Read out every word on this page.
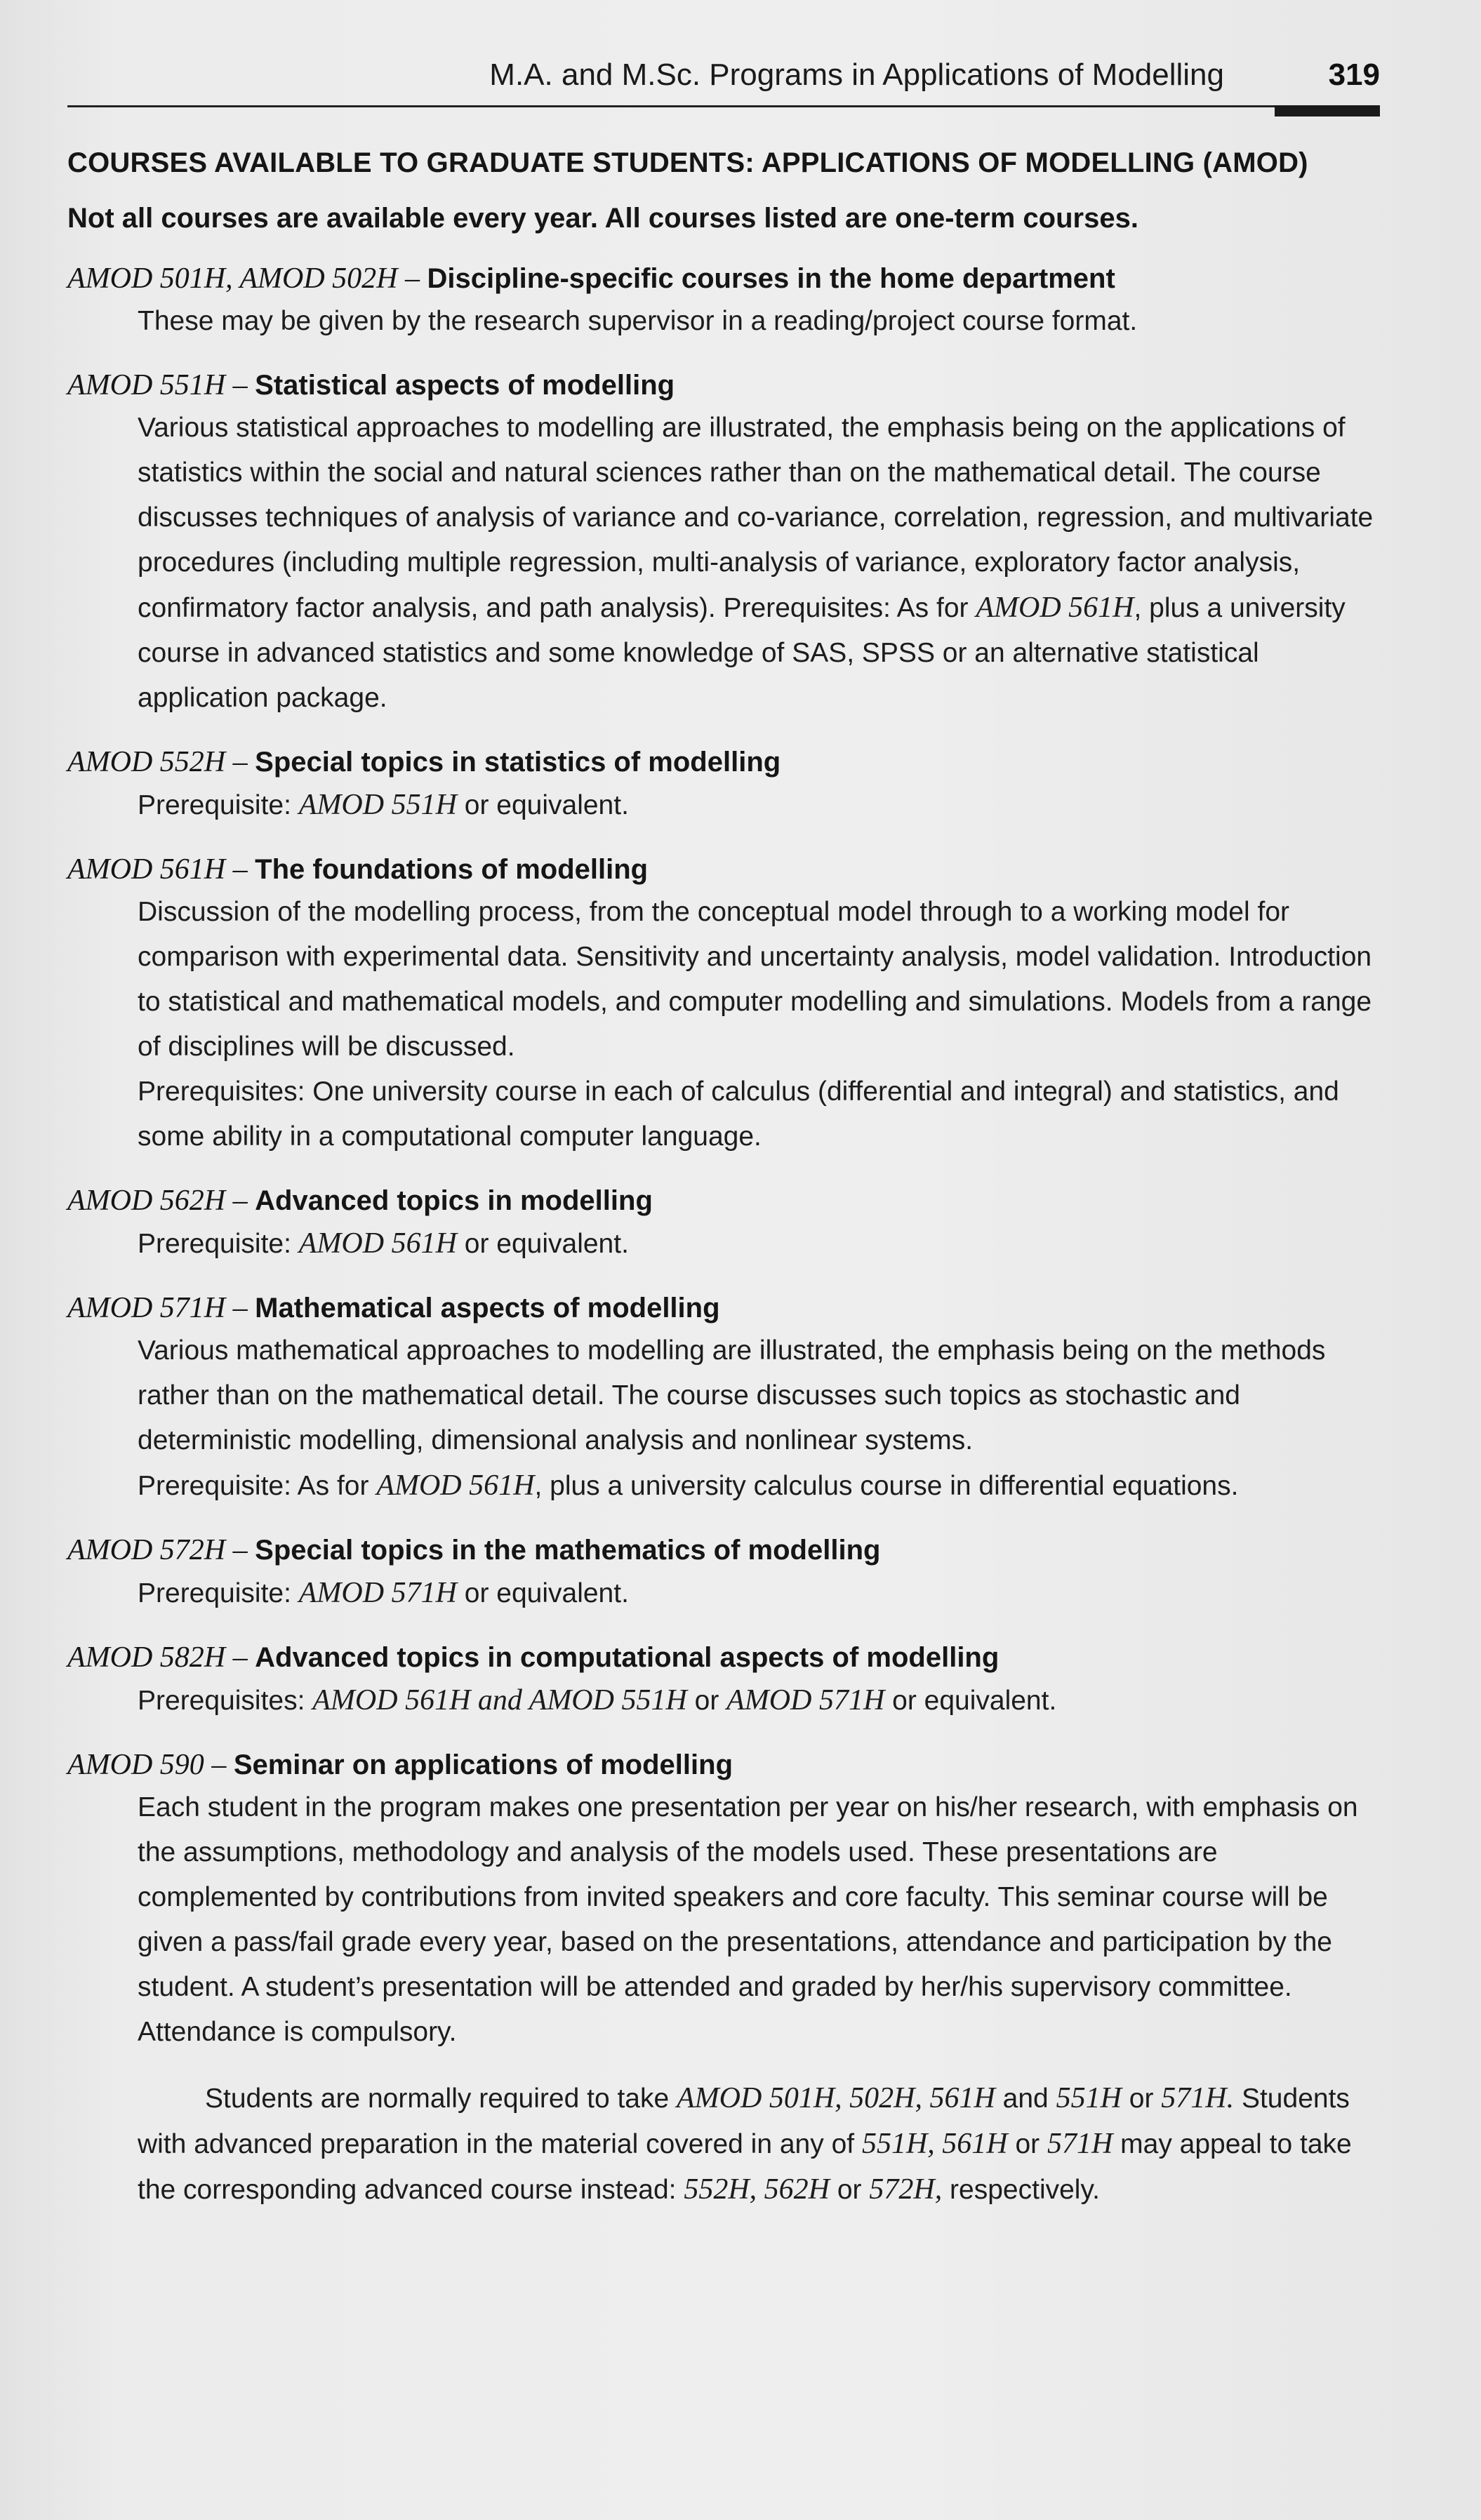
M.A. and M.Sc. Programs in Applications of Modelling	319
COURSES AVAILABLE TO GRADUATE STUDENTS: APPLICATIONS OF MODELLING (AMOD)
Not all courses are available every year. All courses listed are one-term courses.
AMOD 501H, AMOD 502H – Discipline-specific courses in the home department

These may be given by the research supervisor in a reading/project course format.

AMOD 551H – Statistical aspects of modelling

Various statistical approaches to modelling are illustrated, the emphasis being on the applications of statistics within the social and natural sciences rather than on the mathematical detail. The course discusses techniques of analysis of variance and co-variance, correlation, regression, and multivariate procedures (including multiple regression, multi-analysis of variance, exploratory factor analysis, confirmatory factor analysis, and path analysis). Prerequisites: As for AMOD 561H, plus a university course in advanced statistics and some knowledge of SAS, SPSS or an alternative statistical application package.

AMOD 552H – Special topics in statistics of modelling

Prerequisite: AMOD 551H or equivalent.

AMOD 561H – The foundations of modelling

Discussion of the modelling process, from the conceptual model through to a working model for comparison with experimental data. Sensitivity and uncertainty analysis, model validation. Introduction to statistical and mathematical models, and computer modelling and simulations. Models from a range of disciplines will be discussed.

Prerequisites: One university course in each of calculus (differential and integral) and statistics, and some ability in a computational computer language.

AMOD 562H – Advanced topics in modelling

Prerequisite: AMOD 561H or equivalent.

AMOD 571H – Mathematical aspects of modelling

Various mathematical approaches to modelling are illustrated, the emphasis being on the methods rather than on the mathematical detail. The course discusses such topics as stochastic and deterministic modelling, dimensional analysis and nonlinear systems.

Prerequisite: As for AMOD 561H, plus a university calculus course in differential equations.

AMOD 572H – Special topics in the mathematics of modelling

Prerequisite: AMOD 571H or equivalent.

AMOD 582H – Advanced topics in computational aspects of modelling

Prerequisites: AMOD 561H and AMOD 551H or AMOD 571H or equivalent.

AMOD 590 – Seminar on applications of modelling

Each student in the program makes one presentation per year on his/her research, with emphasis on the assumptions, methodology and analysis of the models used. These presentations are complemented by contributions from invited speakers and core faculty. This seminar course will be given a pass/fail grade every year, based on the presentations, attendance and participation by the student. A student’s presentation will be attended and graded by her/his supervisory committee. Attendance is compulsory.

Students are normally required to take AMOD 501H, 502H, 561H and 551H or 571H. Students with advanced preparation in the material covered in any of 551H, 561H or 571H may appeal to take the corresponding advanced course instead: 552H, 562H or 572H, respectively.
